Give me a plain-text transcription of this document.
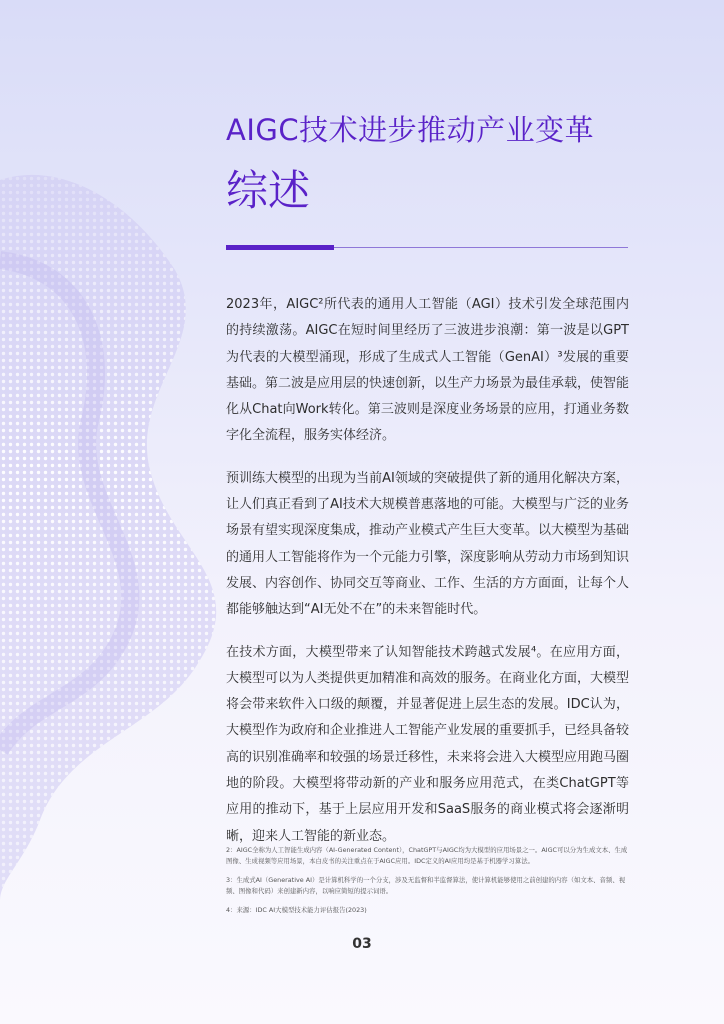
AIGC技术进步推动产业变革
综述

2023年，AIGC²所代表的通用人工智能（AGI）技术引发全球范围内的持续激荡。AIGC在短时间里经历了三波进步浪潮：第一波是以GPT为代表的大模型涌现，形成了生成式人工智能（GenAI）³发展的重要基础。第二波是应用层的快速创新，以生产力场景为最佳承载，使智能化从Chat向Work转化。第三波则是深度业务场景的应用，打通业务数字化全流程，服务实体经济。

预训练大模型的出现为当前AI领域的突破提供了新的通用化解决方案，让人们真正看到了AI技术大规模普惠落地的可能。大模型与广泛的业务场景有望实现深度集成，推动产业模式产生巨大变革。以大模型为基础的通用人工智能将作为一个元能力引擎，深度影响从劳动力市场到知识发展、内容创作、协同交互等商业、工作、生活的方方面面，让每个人都能够触达到“AI无处不在”的未来智能时代。

在技术方面，大模型带来了认知智能技术跨越式发展⁴。在应用方面，大模型可以为人类提供更加精准和高效的服务。在商业化方面，大模型将会带来软件入口级的颠覆，并显著促进上层生态的发展。IDC认为，大模型作为政府和企业推进人工智能产业发展的重要抓手，已经具备较高的识别准确率和较强的场景迁移性，未来将会进入大模型应用跑马圈地的阶段。大模型将带动新的产业和服务应用范式，在类ChatGPT等应用的推动下，基于上层应用开发和SaaS服务的商业模式将会逐渐明晰，迎来人工智能的新业态。

2：AIGC全称为人工智能生成内容（AI-Generated Content），ChatGPT与AIGC均为大模型的应用场景之一。AIGC可以分为生成文本、生成图像、生成视频等应用场景，本白皮书的关注重点在于AIGC应用。IDC定义的AI应用均是基于机器学习算法。

3：生成式AI（Generative AI）是计算机科学的一个分支，涉及无监督和半监督算法，使计算机能够使用之前创建的内容（如文本、音频、视频、图像和代码）来创建新内容，以响应简短的提示词语。

4：来源：IDC AI大模型技术能力评估报告(2023)

03
